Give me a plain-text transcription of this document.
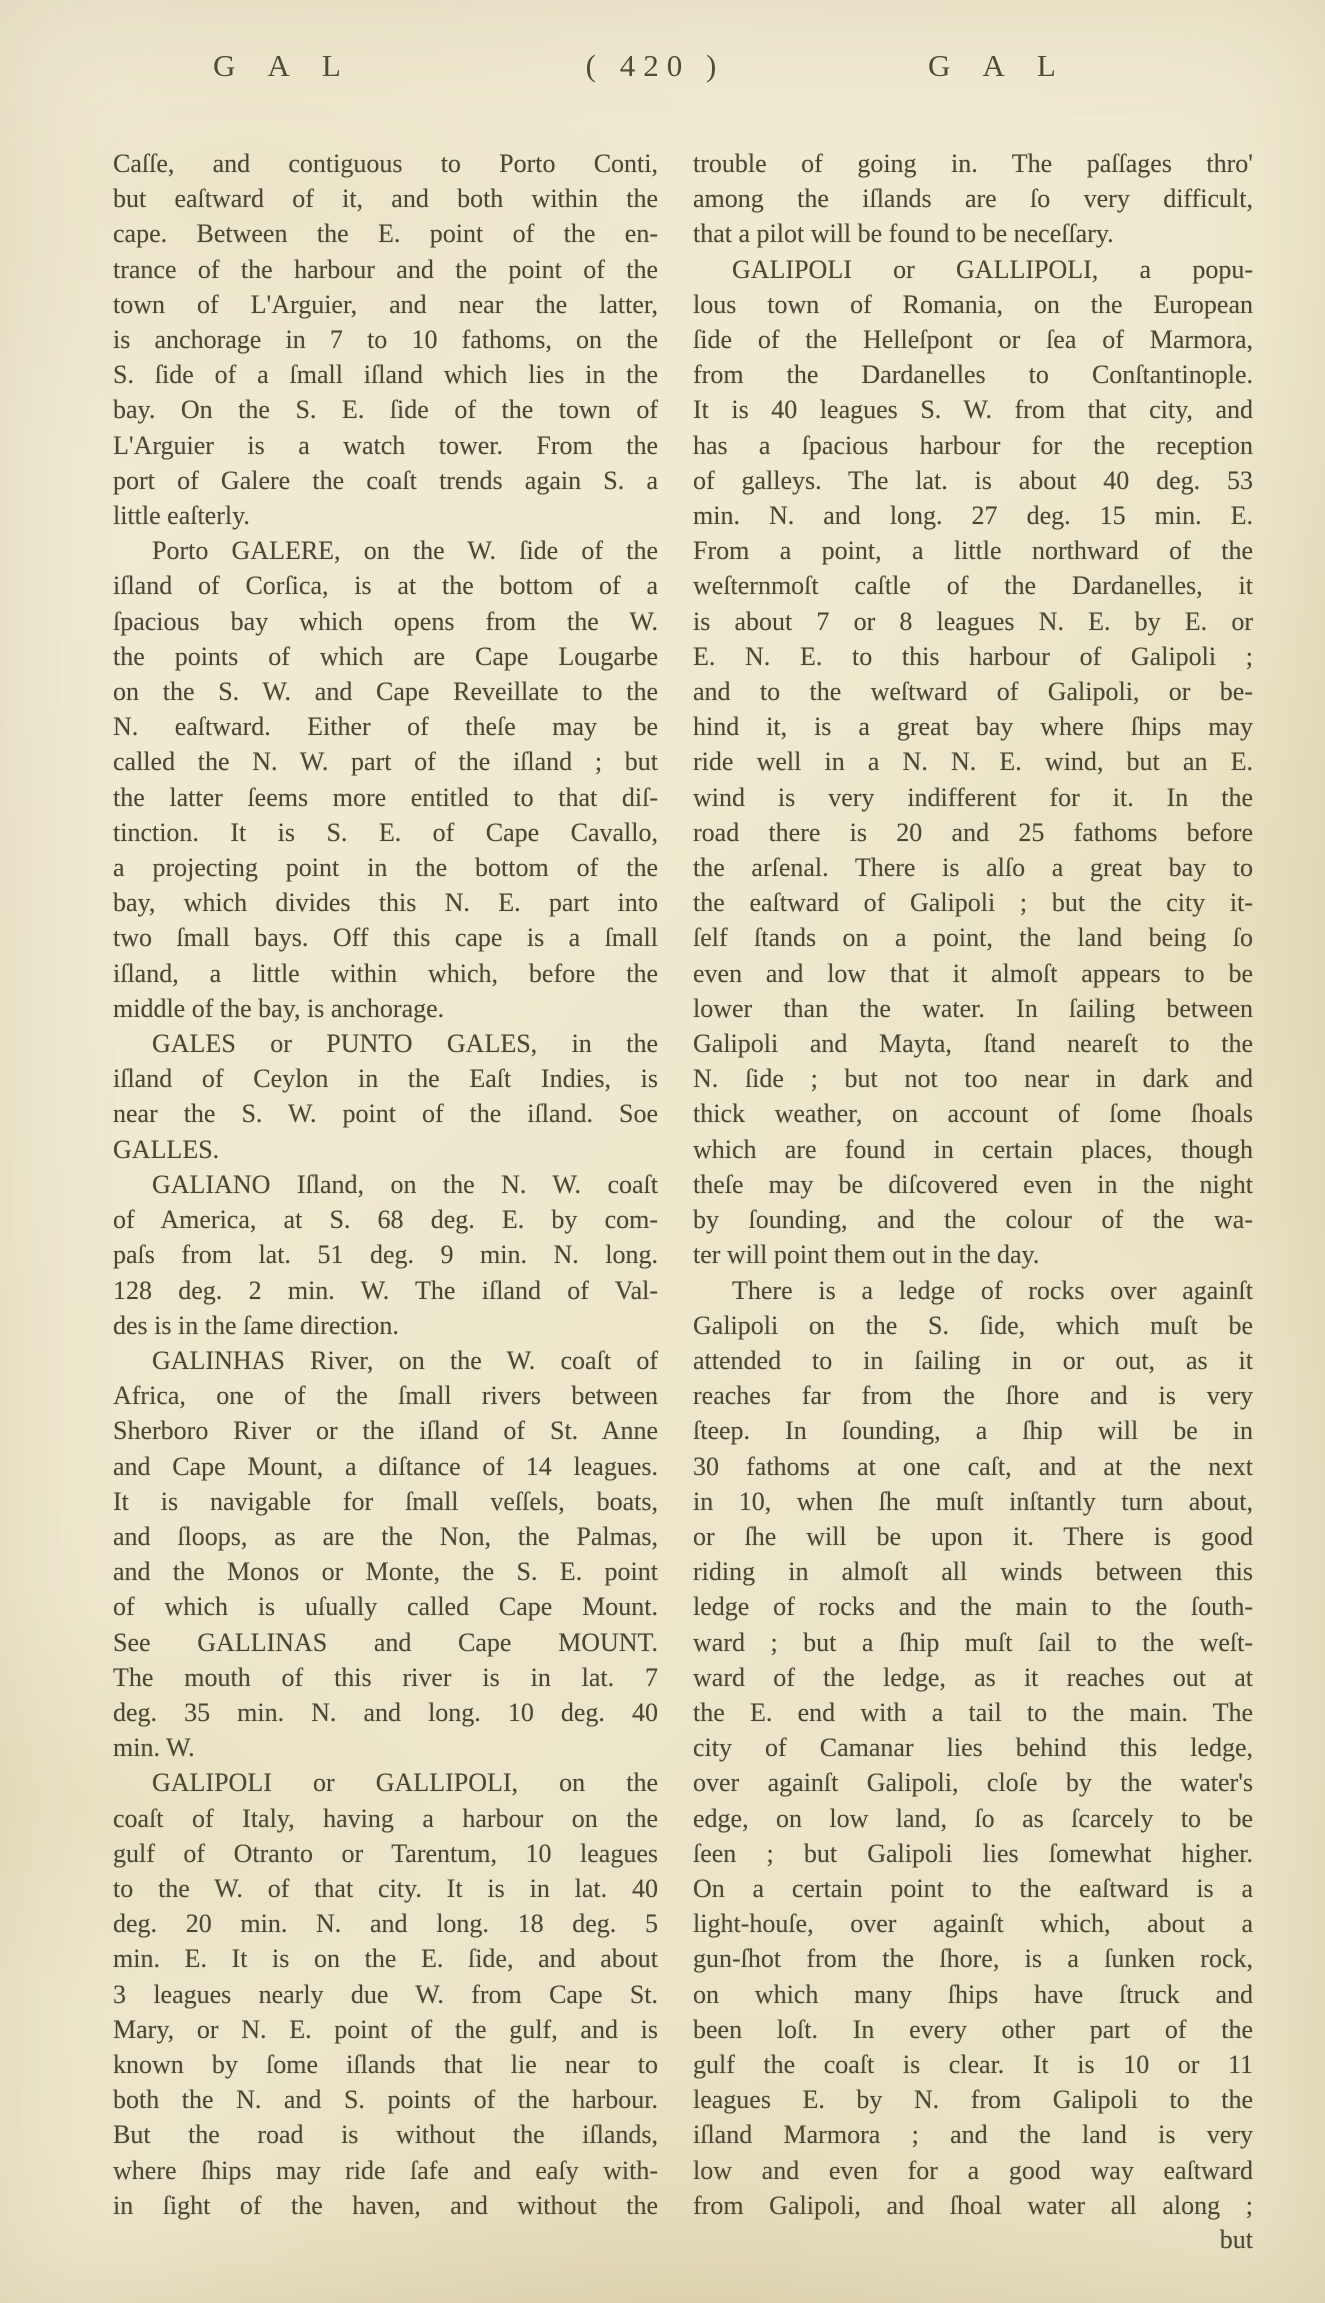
G A L	( 420 )	G A L
Caſſe, and contiguous to Porto Conti,
but eaſtward of it, and both within the
cape. Between the E. point of the en-
trance of the harbour and the point of the
town of L'Arguier, and near the latter,
is anchorage in 7 to 10 fathoms, on the
S. ſide of a ſmall iſland which lies in the
bay. On the S. E. ſide of the town of
L'Arguier is a watch tower. From the
port of Galere the coaſt trends again S. a
little eaſterly.
Porto GALERE, on the W. ſide of the
iſland of Corſica, is at the bottom of a
ſpacious bay which opens from the W.
the points of which are Cape Lougarbe
on the S. W. and Cape Reveillate to the
N. eaſtward. Either of theſe may be
called the N. W. part of the iſland ; but
the latter ſeems more entitled to that diſ-
tinction. It is S. E. of Cape Cavallo,
a projecting point in the bottom of the
bay, which divides this N. E. part into
two ſmall bays. Off this cape is a ſmall
iſland, a little within which, before the
middle of the bay, is anchorage.
GALES or PUNTO GALES, in the
iſland of Ceylon in the Eaſt Indies, is
near the S. W. point of the iſland. Soe
GALLES.
GALIANO Iſland, on the N. W. coaſt
of America, at S. 68 deg. E. by com-
paſs from lat. 51 deg. 9 min. N. long.
128 deg. 2 min. W. The iſland of Val-
des is in the ſame direction.
GALINHAS River, on the W. coaſt of
Africa, one of the ſmall rivers between
Sherboro River or the iſland of St. Anne
and Cape Mount, a diſtance of 14 leagues.
It is navigable for ſmall veſſels, boats,
and ſloops, as are the Non, the Palmas,
and the Monos or Monte, the S. E. point
of which is uſually called Cape Mount.
See GALLINAS and Cape MOUNT.
The mouth of this river is in lat. 7
deg. 35 min. N. and long. 10 deg. 40
min. W.
GALIPOLI or GALLIPOLI, on the
coaſt of Italy, having a harbour on the
gulf of Otranto or Tarentum, 10 leagues
to the W. of that city. It is in lat. 40
deg. 20 min. N. and long. 18 deg. 5
min. E. It is on the E. ſide, and about
3 leagues nearly due W. from Cape St.
Mary, or N. E. point of the gulf, and is
known by ſome iſlands that lie near to
both the N. and S. points of the harbour.
But the road is without the iſlands,
where ſhips may ride ſafe and eaſy with-
in ſight of the haven, and without the
trouble of going in. The paſſages thro'
among the iſlands are ſo very difficult,
that a pilot will be found to be neceſſary.
GALIPOLI or GALLIPOLI, a popu-
lous town of Romania, on the European
ſide of the Helleſpont or ſea of Marmora,
from the Dardanelles to Conſtantinople.
It is 40 leagues S. W. from that city, and
has a ſpacious harbour for the reception
of galleys. The lat. is about 40 deg. 53
min. N. and long. 27 deg. 15 min. E.
From a point, a little northward of the
weſternmoſt caſtle of the Dardanelles, it
is about 7 or 8 leagues N. E. by E. or
E. N. E. to this harbour of Galipoli ;
and to the weſtward of Galipoli, or be-
hind it, is a great bay where ſhips may
ride well in a N. N. E. wind, but an E.
wind is very indifferent for it. In the
road there is 20 and 25 fathoms before
the arſenal. There is alſo a great bay to
the eaſtward of Galipoli ; but the city it-
ſelf ſtands on a point, the land being ſo
even and low that it almoſt appears to be
lower than the water. In ſailing between
Galipoli and Mayta, ſtand neareſt to the
N. ſide ; but not too near in dark and
thick weather, on account of ſome ſhoals
which are found in certain places, though
theſe may be diſcovered even in the night
by ſounding, and the colour of the wa-
ter will point them out in the day.
There is a ledge of rocks over againſt
Galipoli on the S. ſide, which muſt be
attended to in ſailing in or out, as it
reaches far from the ſhore and is very
ſteep. In ſounding, a ſhip will be in
30 fathoms at one caſt, and at the next
in 10, when ſhe muſt inſtantly turn about,
or ſhe will be upon it. There is good
riding in almoſt all winds between this
ledge of rocks and the main to the ſouth-
ward ; but a ſhip muſt ſail to the weſt-
ward of the ledge, as it reaches out at
the E. end with a tail to the main. The
city of Camanar lies behind this ledge,
over againſt Galipoli, cloſe by the water's
edge, on low land, ſo as ſcarcely to be
ſeen ; but Galipoli lies ſomewhat higher.
On a certain point to the eaſtward is a
light-houſe, over againſt which, about a
gun-ſhot from the ſhore, is a ſunken rock,
on which many ſhips have ſtruck and
been loſt. In every other part of the
gulf the coaſt is clear. It is 10 or 11
leagues E. by N. from Galipoli to the
iſland Marmora ; and the land is very
low and even for a good way eaſtward
from Galipoli, and ſhoal water all along ;
but
